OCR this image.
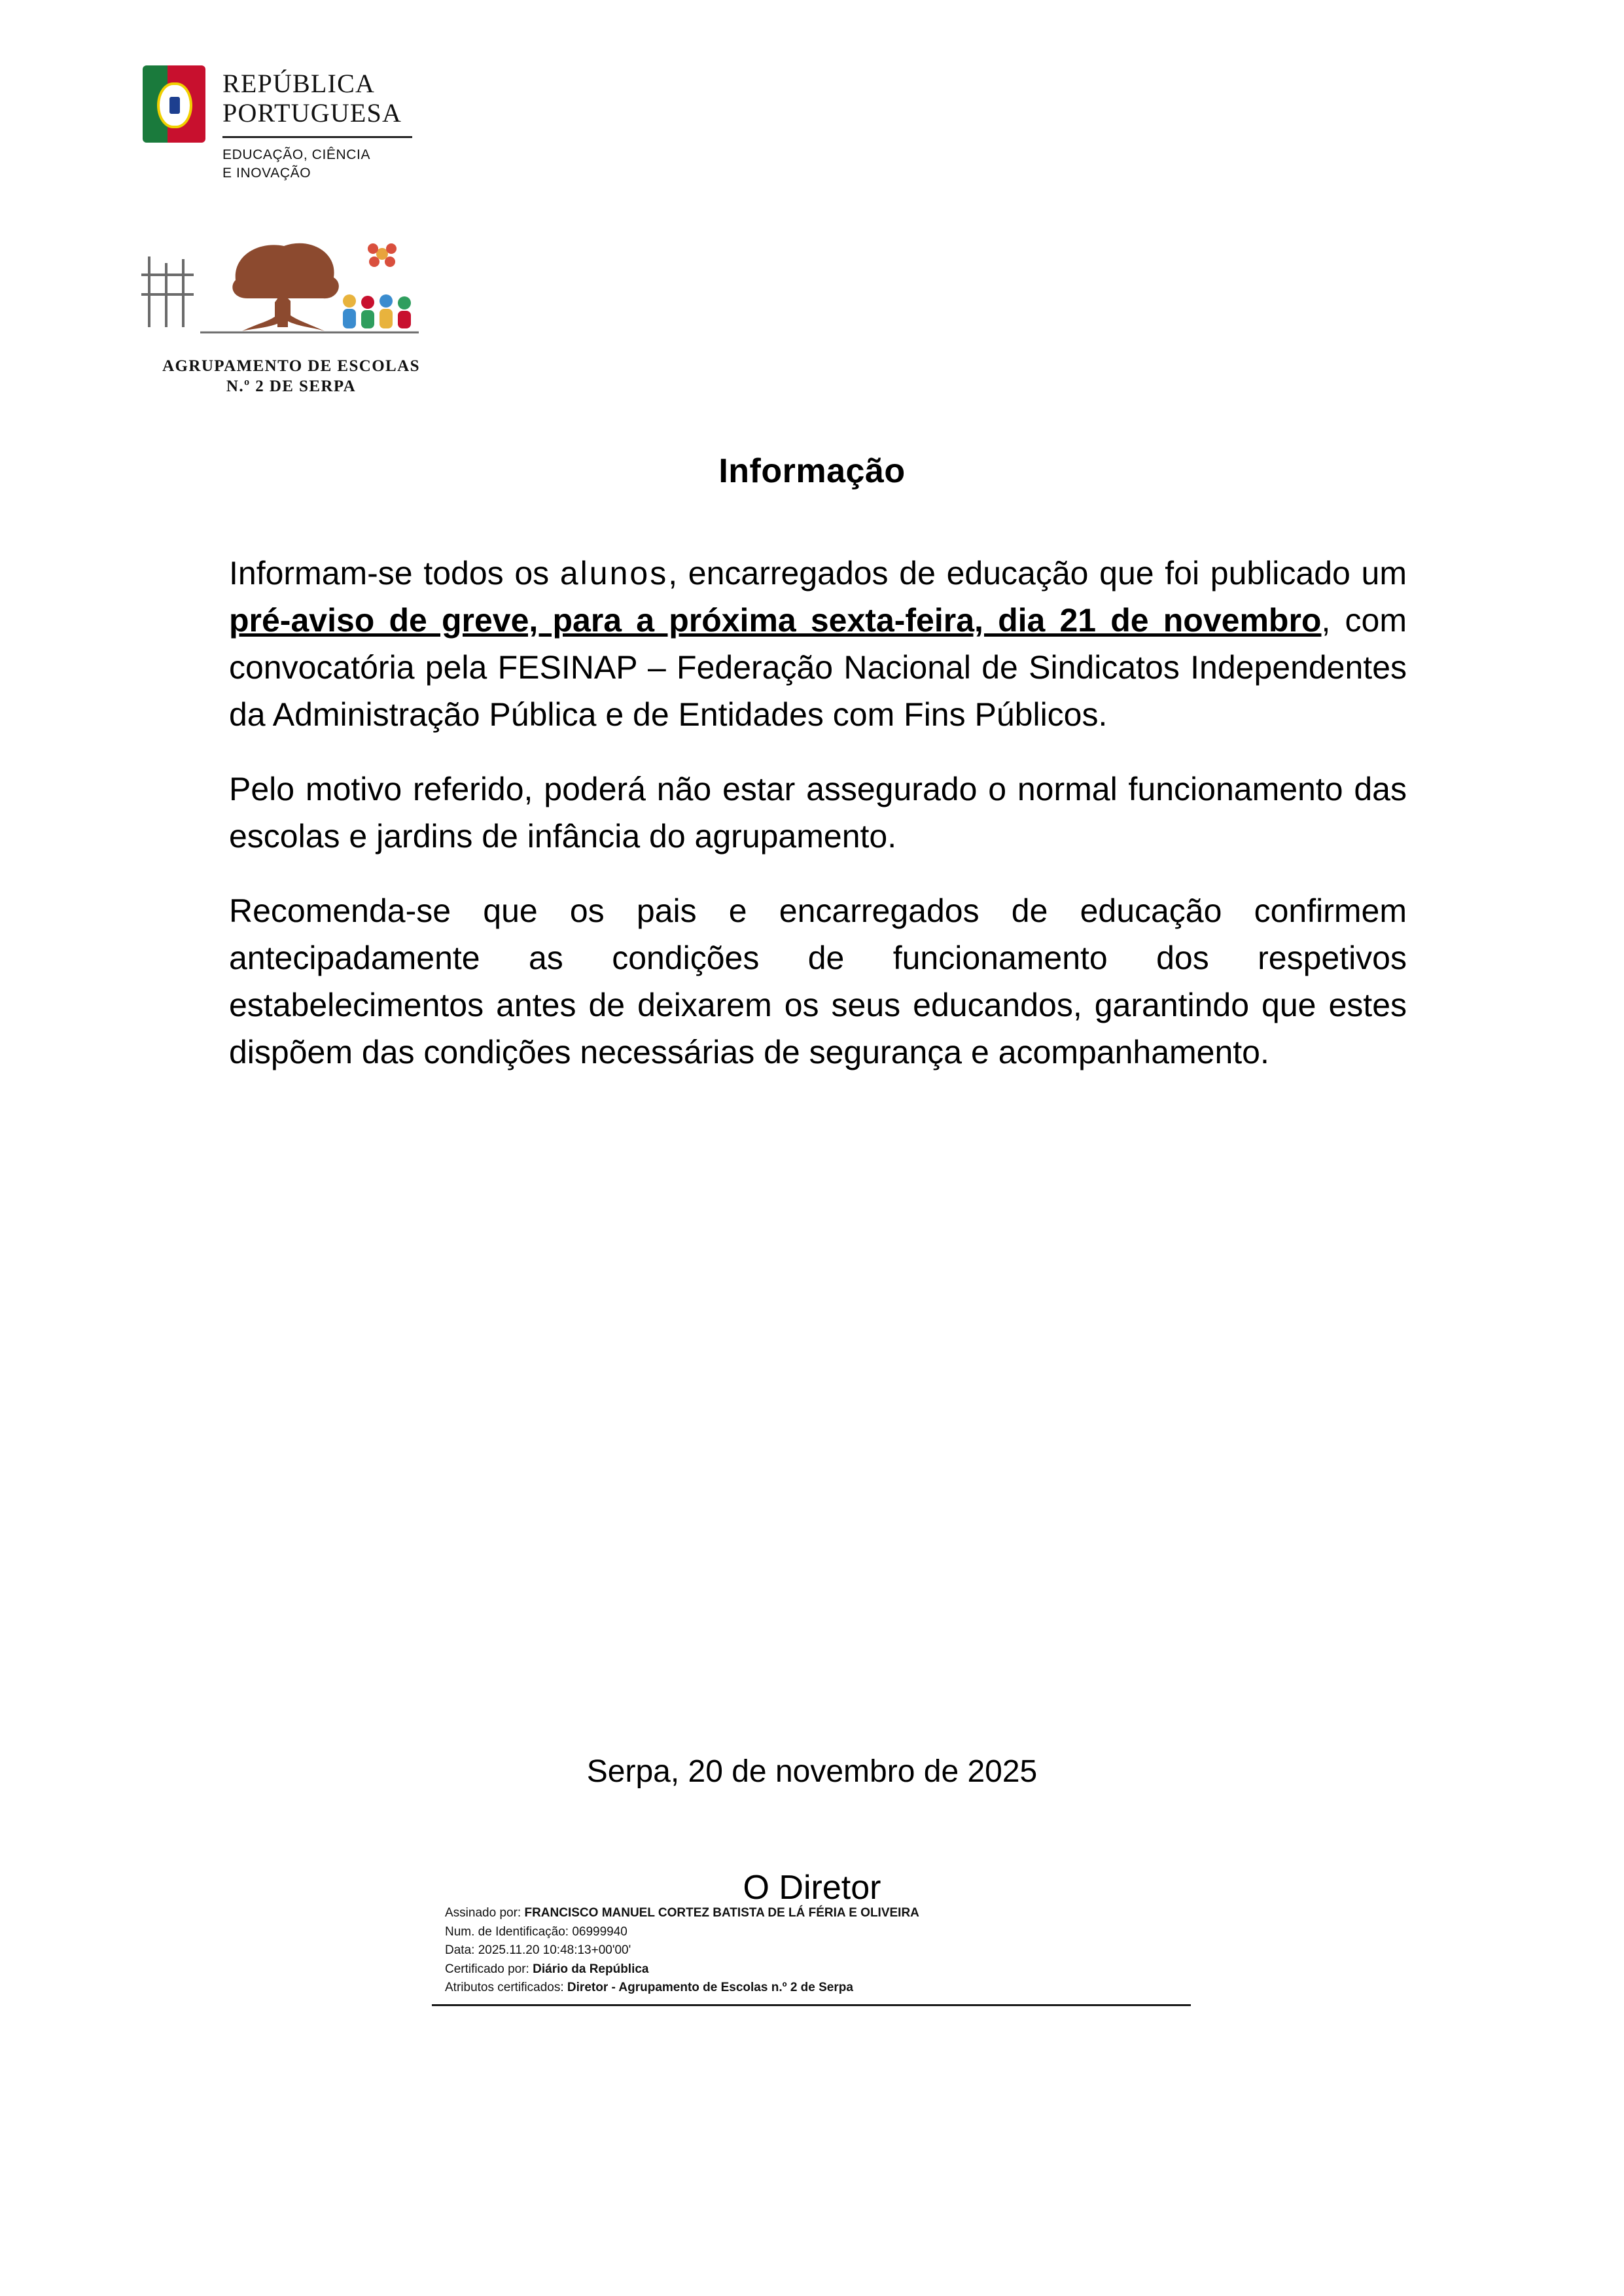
REPÚBLICA
PORTUGUESA
EDUCAÇÃO, CIÊNCIA
E INOVAÇÃO
AGRUPAMENTO DE ESCOLAS
N.º 2 DE SERPA
Informação

Informam-se todos os alunos, encarregados de educação que foi publicado um pré-aviso de greve, para a próxima sexta-feira, dia 21 de novembro, com convocatória pela FESINAP – Federação Nacional de Sindicatos Independentes da Administração Pública e de Entidades com Fins Públicos.

Pelo motivo referido, poderá não estar assegurado o normal funcionamento das escolas e jardins de infância do agrupamento.

Recomenda-se que os pais e encarregados de educação confirmem antecipadamente as condições de funcionamento dos respetivos estabelecimentos antes de deixarem os seus educandos, garantindo que estes dispõem das condições necessárias de segurança e acompanhamento.

Serpa, 20 de novembro de 2025
O Diretor
Assinado por: FRANCISCO MANUEL CORTEZ BATISTA DE LÁ FÉRIA E OLIVEIRA
Num. de Identificação: 06999940
Data: 2025.11.20 10:48:13+00'00'
Certificado por: Diário da República
Atributos certificados: Diretor - Agrupamento de Escolas n.º 2 de Serpa
